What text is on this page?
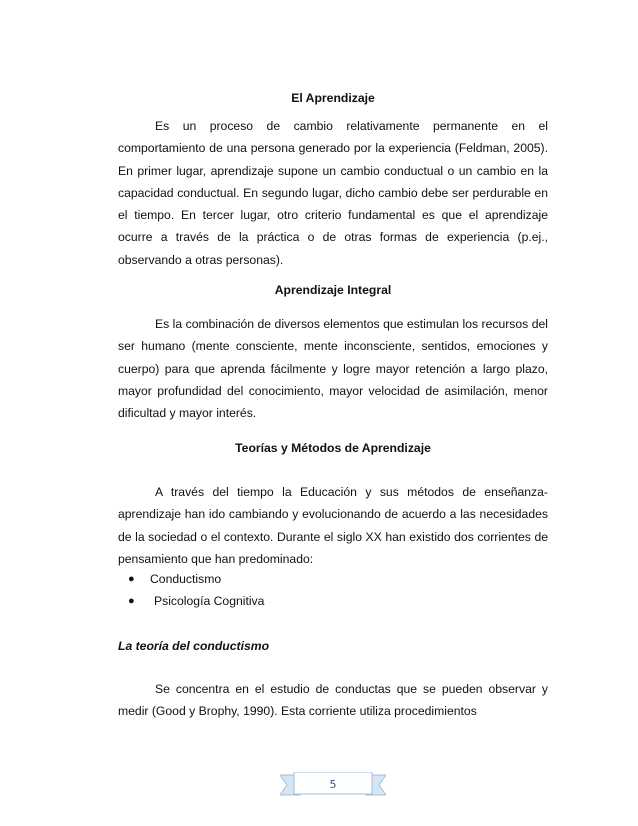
El Aprendizaje

Es un proceso de cambio relativamente permanente en el comportamiento de una persona generado por la experiencia (Feldman, 2005). En primer lugar, aprendizaje supone un cambio conductual o un cambio en la capacidad conductual. En segundo lugar, dicho cambio debe ser perdurable en el tiempo. En tercer lugar, otro criterio fundamental es que el aprendizaje ocurre a través de la práctica o de otras formas de experiencia (p.ej., observando a otras personas).

Aprendizaje Integral

Es la combinación de diversos elementos que estimulan los recursos del ser humano (mente consciente, mente inconsciente, sentidos, emociones y cuerpo) para que aprenda fácilmente y logre mayor retención a largo plazo, mayor profundidad del conocimiento, mayor velocidad de asimilación, menor dificultad y mayor interés.

Teorías y Métodos de Aprendizaje

A través del tiempo la Educación y sus métodos de enseñanza-aprendizaje han ido cambiando y evolucionando de acuerdo a las necesidades de la sociedad o el contexto. Durante el siglo XX han existido dos corrientes de pensamiento que han predominado:

● Conductismo
● Psicología Cognitiva
La teoría del conductismo

Se concentra en el estudio de conductas que se pueden observar y medir (Good y Brophy, 1990). Esta corriente utiliza procedimientos

5
